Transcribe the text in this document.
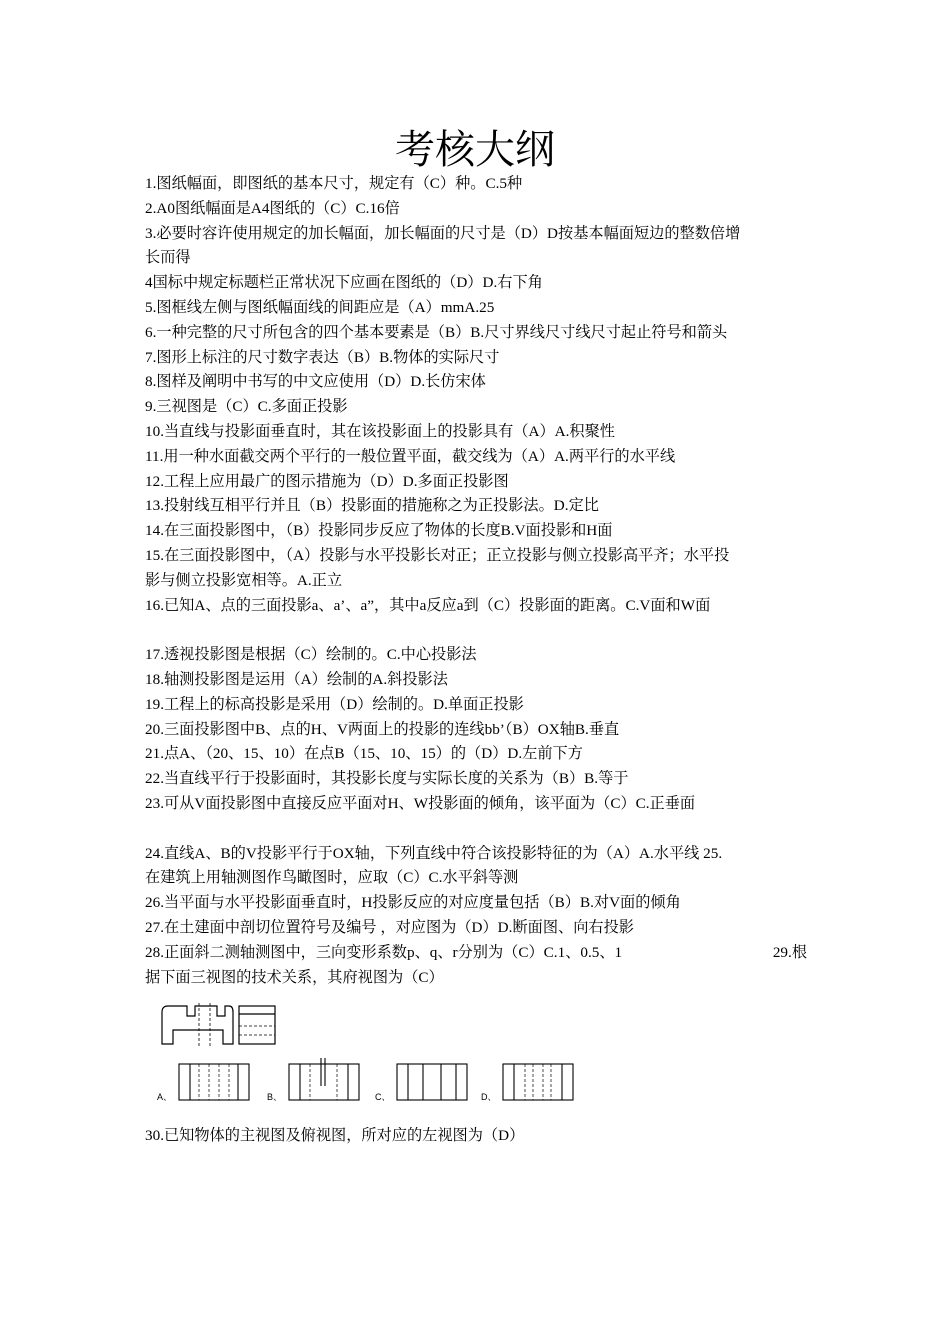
考核大纲
1.图纸幅面，即图纸的基本尺寸，规定有（C）种。C.5种
2.A0图纸幅面是A4图纸的（C）C.16倍
3.必要时容许使用规定的加长幅面，加长幅面的尺寸是（D）D按基本幅面短边的整数倍增
长而得
4国标中规定标题栏正常状况下应画在图纸的（D）D.右下角
5.图框线左侧与图纸幅面线的间距应是（A）mmA.25
6.一种完整的尺寸所包含的四个基本要素是（B）B.尺寸界线尺寸线尺寸起止符号和箭头
7.图形上标注的尺寸数字表达（B）B.物体的实际尺寸
8.图样及阐明中书写的中文应使用（D）D.长仿宋体
9.三视图是（C）C.多面正投影
10.当直线与投影面垂直时，其在该投影面上的投影具有（A）A.积聚性
11.用一种水面截交两个平行的一般位置平面，截交线为（A）A.两平行的水平线
12.工程上应用最广的图示措施为（D）D.多面正投影图
13.投射线互相平行并且（B）投影面的措施称之为正投影法。D.定比
14.在三面投影图中，（B）投影同步反应了物体的长度B.V面投影和H面
15.在三面投影图中，（A）投影与水平投影长对正；正立投影与侧立投影高平齐；水平投
影与侧立投影宽相等。A.正立
16.已知A、点的三面投影a、a’、a”，其中a反应a到（C）投影面的距离。C.V面和W面
17.透视投影图是根据（C）绘制的。C.中心投影法
18.轴测投影图是运用（A）绘制的A.斜投影法
19.工程上的标高投影是采用（D）绘制的。D.单面正投影
20.三面投影图中B、点的H、V两面上的投影的连线bb’（B）OX轴B.垂直
21.点A、（20、15、10）在点B（15、10、15）的（D）D.左前下方
22.当直线平行于投影面时，其投影长度与实际长度的关系为（B）B.等于
23.可从V面投影图中直接反应平面对H、W投影面的倾角，该平面为（C）C.正垂面
24.直线A、B的V投影平行于OX轴，下列直线中符合该投影特征的为（A）A.水平线 25.
在建筑上用轴测图作鸟瞰图时，应取（C）C.水平斜等测
26.当平面与水平投影面垂直时，H投影反应的对应度量包括（B）B.对V面的倾角
27.在土建面中剖切位置符号及编号 ，对应图为（D）D.断面图、向右投影
28.正面斜二测轴测图中，三向变形系数p、q、r分别为（C）C.1、0.5、1	29.根
据下面三视图的技术关系，其府视图为（C）
A、	B、	C、	D、
30.已知物体的主视图及俯视图，所对应的左视图为（D）
